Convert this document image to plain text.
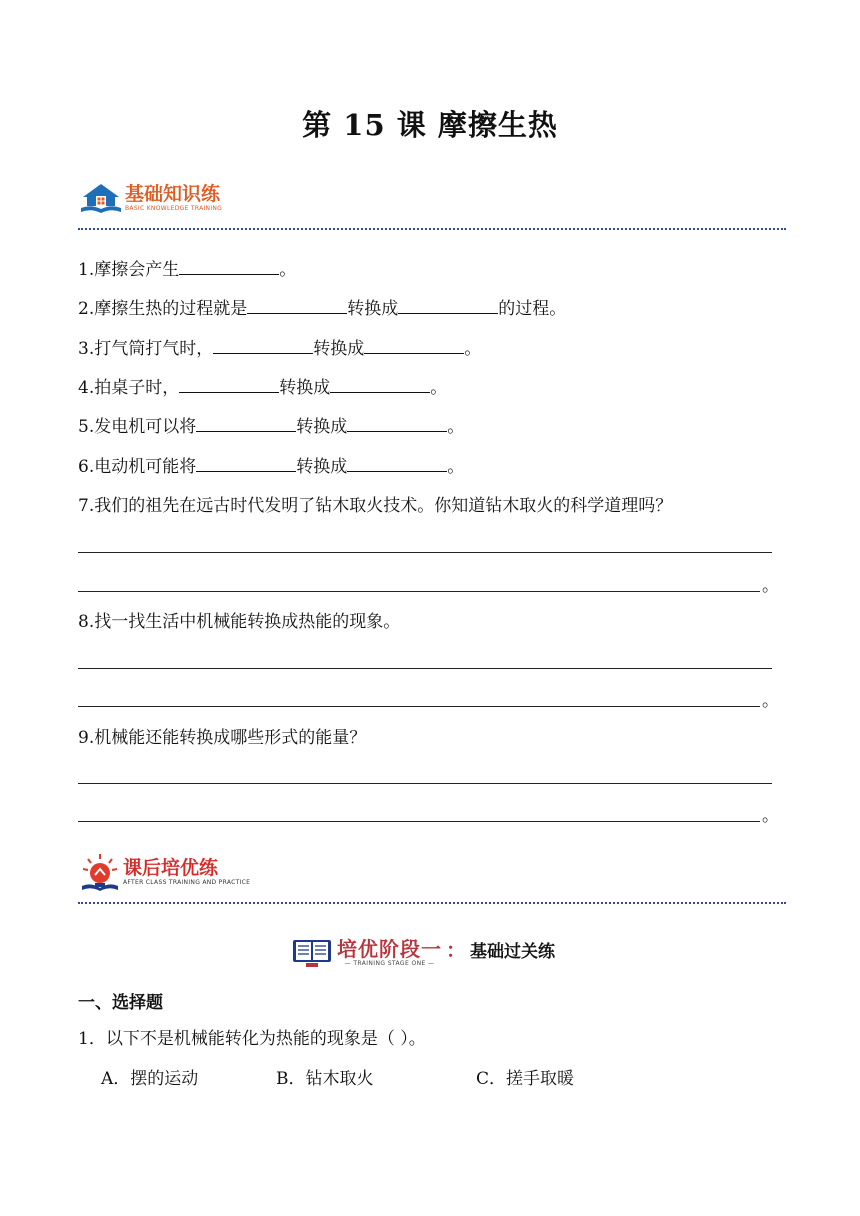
第 15 课 摩擦生热
基础知识练
BASIC KNOWLEDGE TRAINING
1.摩擦会产生	。
2.摩擦生热的过程就是	转换成	的过程。
3.打气筒打气时，	转换成	。
4.拍桌子时，	转换成	。
5.发电机可以将	转换成	。
6.电动机可能将	转换成	。
7.我们的祖先在远古时代发明了钻木取火技术。你知道钻木取火的科学道理吗？
。
8.找一找生活中机械能转换成热能的现象。
。
9.机械能还能转换成哪些形式的能量？
。
课后培优练
AFTER CLASS TRAINING AND PRACTICE
培优阶段一
— TRAINING STAGE ONE —
： 基础过关练
一、选择题
1．以下不是机械能转化为热能的现象是（ ）。
A．摆的运动	B．钻木取火	C．搓手取暖
